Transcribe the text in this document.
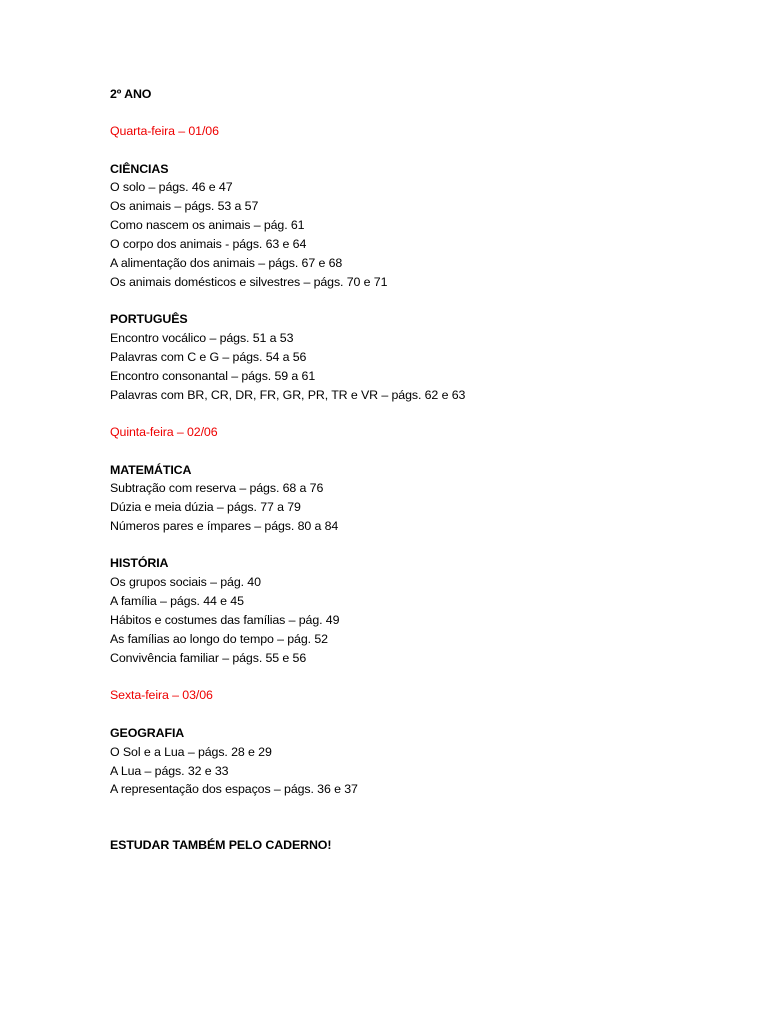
2º ANO
Quarta-feira – 01/06
CIÊNCIAS
O solo – págs. 46 e 47
Os animais – págs. 53 a 57
Como nascem os animais – pág. 61
O corpo dos animais - págs. 63 e 64
A alimentação dos animais – págs. 67 e 68
Os animais domésticos e silvestres – págs. 70 e 71
PORTUGUÊS
Encontro vocálico – págs. 51 a 53
Palavras com C e G – págs. 54 a 56
Encontro consonantal – págs. 59 a 61
Palavras com BR, CR, DR, FR, GR, PR, TR e VR – págs. 62 e 63
Quinta-feira – 02/06
MATEMÁTICA
Subtração com reserva – págs. 68 a 76
Dúzia e meia dúzia – págs. 77 a 79
Números pares e ímpares – págs. 80 a 84
HISTÓRIA
Os grupos sociais – pág. 40
A família – págs. 44 e 45
Hábitos e costumes das famílias – pág. 49
As famílias ao longo do tempo – pág. 52
Convivência familiar – págs. 55 e 56
Sexta-feira – 03/06
GEOGRAFIA
O Sol e a Lua – págs. 28 e 29
A Lua – págs. 32 e 33
A representação dos espaços – págs. 36 e 37
ESTUDAR TAMBÉM PELO CADERNO!
